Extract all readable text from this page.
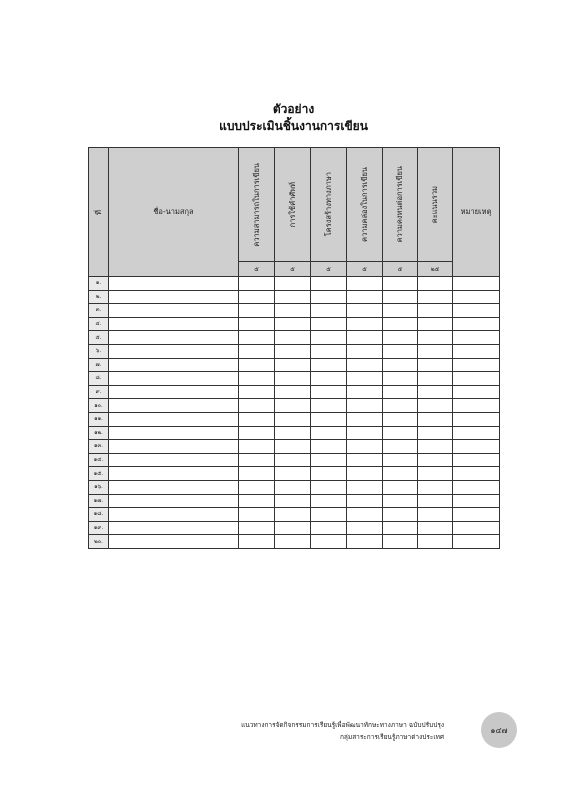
ตัวอย่าง
แบบประเมินชิ้นงานการเขียน
ที่	ชื่อ-นามสกุล	ความสามารถในการเขียน	การใช้คำศัพท์	โครงสร้างทางภาษา	ความคล่องในการเขียน	ความคงทนต่อการเขียน	คะแนนรวม	หมายเหตุ
		๕	๕	๕	๕	๕	๒๕	
๑.								
๒.								
๓.								
๔.								
๕.								
๖.								
๗.								
๘.								
๙.								
๑๐.								
๑๑.								
๑๒.								
๑๓.								
๑๔.								
๑๕.								
๑๖.								
๑๗.								
๑๘.								
๑๙.								
๒๐.								
แนวทางการจัดกิจกรรมการเรียนรู้เพื่อพัฒนาทักษะทางภาษา ฉบับปรับปรุง
กลุ่มสาระการเรียนรู้ภาษาต่างประเทศ
๑๔๗
